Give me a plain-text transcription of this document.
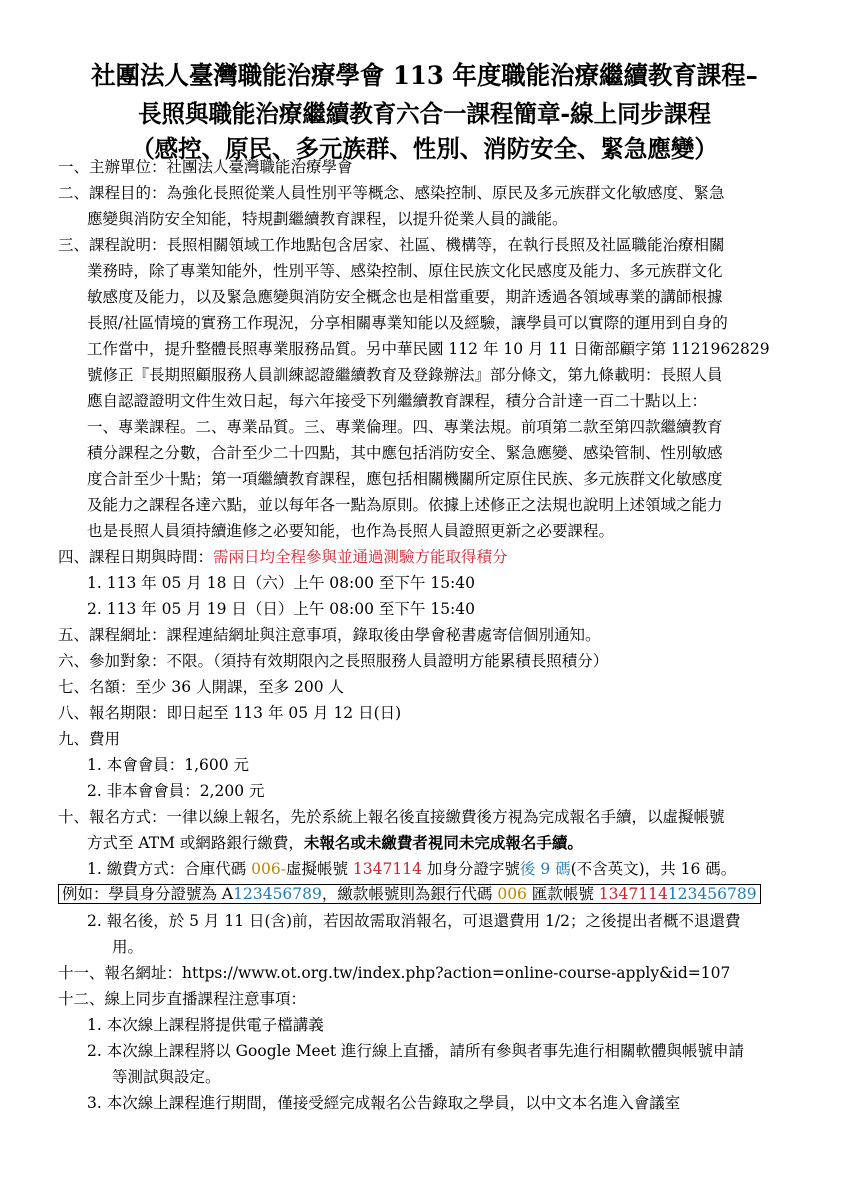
社團法人臺灣職能治療學會 113 年度職能治療繼續教育課程–
長照與職能治療繼續教育六合一課程簡章-線上同步課程
（感控、原民、多元族群、性別、消防安全、緊急應變）
一、主辦單位：社團法人臺灣職能治療學會
二、課程目的：為強化長照從業人員性別平等概念、感染控制、原民及多元族群文化敏感度、緊急
應變與消防安全知能，特規劃繼續教育課程，以提升從業人員的識能。
三、課程說明：長照相關領域工作地點包含居家、社區、機構等，在執行長照及社區職能治療相關
業務時，除了專業知能外，性別平等、感染控制、原住民族文化民感度及能力、多元族群文化
敏感度及能力，以及緊急應變與消防安全概念也是相當重要，期許透過各領域專業的講師根據
長照/社區情境的實務工作現況，分享相關專業知能以及經驗，讓學員可以實際的運用到自身的
工作當中，提升整體長照專業服務品質。另中華民國 112 年 10 月 11 日衛部顧字第 1121962829
號修正『長期照顧服務人員訓練認證繼續教育及登錄辦法』部分條文，第九條載明：長照人員
應自認證證明文件生效日起，每六年接受下列繼續教育課程，積分合計達一百二十點以上：
一、專業課程。二、專業品質。三、專業倫理。四、專業法規。前項第二款至第四款繼續教育
積分課程之分數，合計至少二十四點，其中應包括消防安全、緊急應變、感染管制、性別敏感
度合計至少十點；第一項繼續教育課程，應包括相關機關所定原住民族、多元族群文化敏感度
及能力之課程各達六點，並以每年各一點為原則。依據上述修正之法規也說明上述領域之能力
也是長照人員須持續進修之必要知能，也作為長照人員證照更新之必要課程。
四、課程日期與時間：需兩日均全程參與並通過測驗方能取得積分
1. 113 年 05 月 18 日（六）上午 08:00 至下午 15:40
2. 113 年 05 月 19 日（日）上午 08:00 至下午 15:40
五、課程網址：課程連結網址與注意事項，錄取後由學會秘書處寄信個別通知。
六、參加對象：不限。（須持有效期限內之長照服務人員證明方能累積長照積分）
七、名額：至少 36 人開課，至多 200 人
八、報名期限：即日起至 113 年 05 月 12 日(日)
九、費用
1. 本會會員：1,600 元
2. 非本會會員：2,200 元
十、報名方式：一律以線上報名，先於系統上報名後直接繳費後方視為完成報名手續，以虛擬帳號
方式至 ATM 或網路銀行繳費，未報名或未繳費者視同未完成報名手續。
1. 繳費方式：合庫代碼 006-虛擬帳號 1347114 加身分證字號後 9 碼(不含英文)，共 16 碼。
例如：學員身分證號為 A123456789，繳款帳號則為銀行代碼 006 匯款帳號 1347114123456789
2. 報名後，於 5 月 11 日(含)前，若因故需取消報名，可退還費用 1/2；之後提出者概不退還費
用。
十一、報名網址：https://www.ot.org.tw/index.php?action=online-course-apply&id=107
十二、線上同步直播課程注意事項：
1. 本次線上課程將提供電子檔講義
2. 本次線上課程將以 Google Meet 進行線上直播，請所有參與者事先進行相關軟體與帳號申請
等測試與設定。
3. 本次線上課程進行期間，僅接受經完成報名公告錄取之學員，以中文本名進入會議室
